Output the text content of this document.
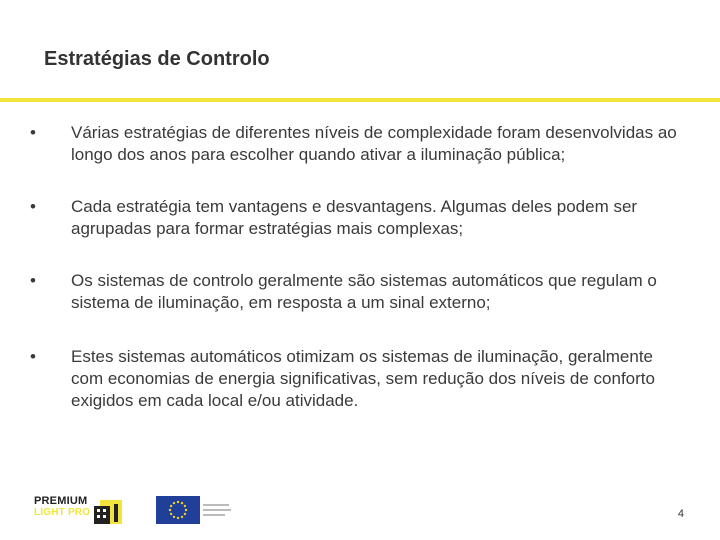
Estratégias de Controlo
•	Várias estratégias de diferentes níveis de complexidade foram desenvolvidas ao longo dos anos para escolher quando ativar a iluminação pública;
•	Cada estratégia tem vantagens e desvantagens. Algumas deles podem ser agrupadas para formar estratégias mais complexas;
•	Os sistemas de controlo geralmente são sistemas automáticos que regulam o sistema de iluminação, em resposta a um sinal externo;
•	Estes sistemas automáticos otimizam os sistemas de iluminação, geralmente com economias de energia significativas, sem redução dos níveis de conforto exigidos em cada local e/ou atividade.
PREMIUM
LIGHT PRO	4
